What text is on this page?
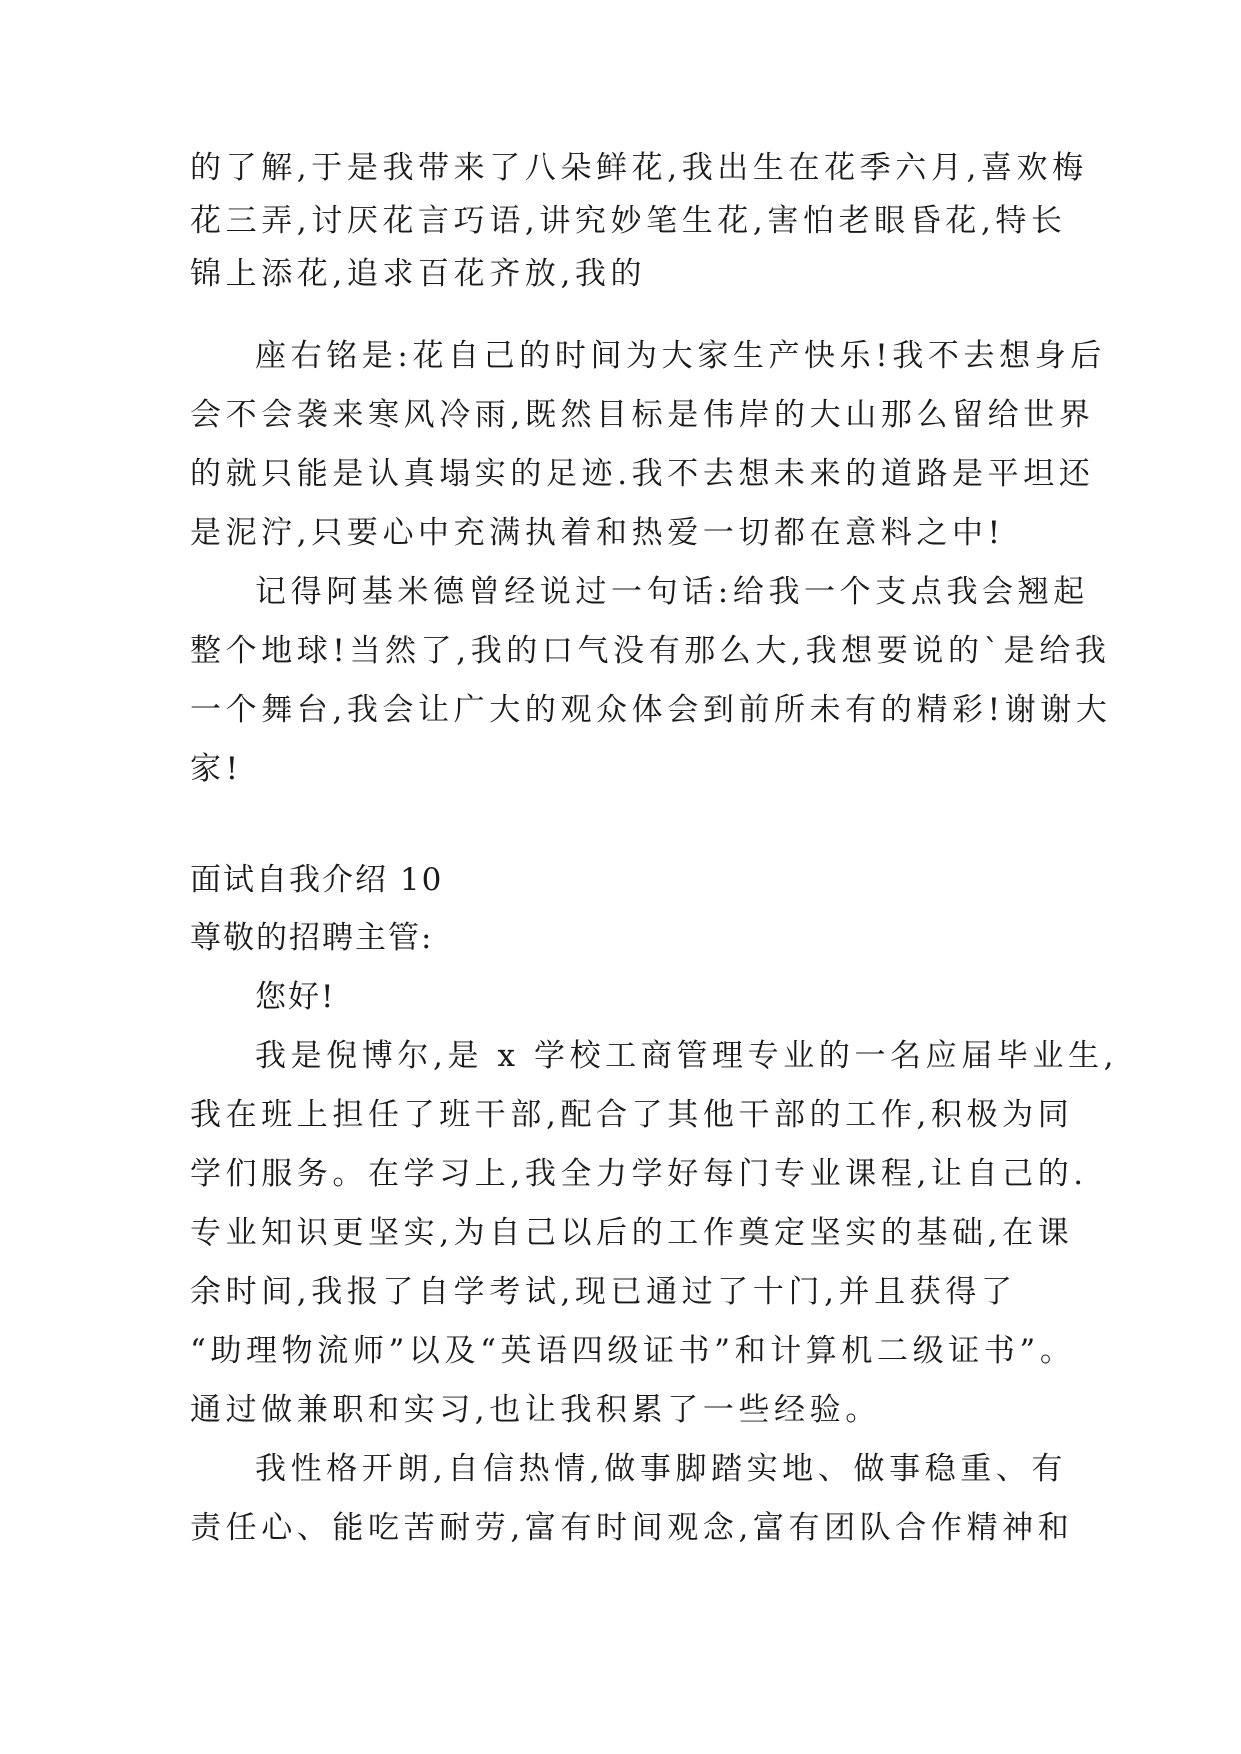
的了解,于是我带来了八朵鲜花,我出生在花季六月,喜欢梅
花三弄,讨厌花言巧语,讲究妙笔生花,害怕老眼昏花,特长
锦上添花,追求百花齐放,我的
座右铭是:花自己的时间为大家生产快乐!我不去想身后
会不会袭来寒风冷雨,既然目标是伟岸的大山那么留给世界
的就只能是认真塌实的足迹.我不去想未来的道路是平坦还
是泥泞,只要心中充满执着和热爱一切都在意料之中!
记得阿基米德曾经说过一句话:给我一个支点我会翘起
整个地球!当然了,我的口气没有那么大,我想要说的`是给我
一个舞台,我会让广大的观众体会到前所未有的精彩!谢谢大
家!
面试自我介绍 10
尊敬的招聘主管:
您好!
我是倪博尔,是 x 学校工商管理专业的一名应届毕业生,
我在班上担任了班干部,配合了其他干部的工作,积极为同
学们服务。在学习上,我全力学好每门专业课程,让自己的.
专业知识更坚实,为自己以后的工作奠定坚实的基础,在课
余时间,我报了自学考试,现已通过了十门,并且获得了
“助理物流师”以及“英语四级证书”和计算机二级证书”。
通过做兼职和实习,也让我积累了一些经验。
我性格开朗,自信热情,做事脚踏实地、做事稳重、有
责任心、能吃苦耐劳,富有时间观念,富有团队合作精神和
